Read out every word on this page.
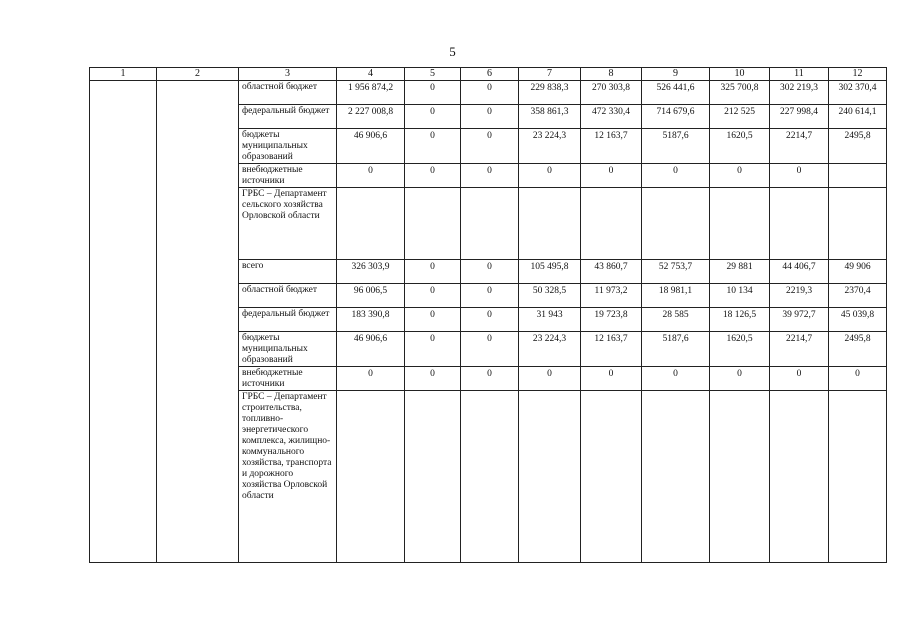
5
1	2	3	4	5	6	7	8	9	10	11	12
		областной бюджет	1 956 874,2	0	0	229 838,3	270 303,8	526 441,6	325 700,8	302 219,3	302 370,4
		федеральный бюджет	2 227 008,8	0	0	358 861,3	472 330,4	714 679,6	212 525	227 998,4	240 614,1
		бюджеты муниципальных образований	46 906,6	0	0	23 224,3	12 163,7	5187,6	1620,5	2214,7	2495,8
		внебюджетные источники	0	0	0	0	0	0	0	0	
		ГРБС – Департамент сельского хозяйства Орловской области									
		всего	326 303,9	0	0	105 495,8	43 860,7	52 753,7	29 881	44 406,7	49 906
		областной бюджет	96 006,5	0	0	50 328,5	11 973,2	18 981,1	10 134	2219,3	2370,4
		федеральный бюджет	183 390,8	0	0	31 943	19 723,8	28 585	18 126,5	39 972,7	45 039,8
		бюджеты муниципальных образований	46 906,6	0	0	23 224,3	12 163,7	5187,6	1620,5	2214,7	2495,8
		внебюджетные источники	0	0	0	0	0	0	0	0	0
		ГРБС – Департамент строительства, топливно-энергетического комплекса, жилищно-коммунального хозяйства, транспорта и дорожного хозяйства Орловской области									
